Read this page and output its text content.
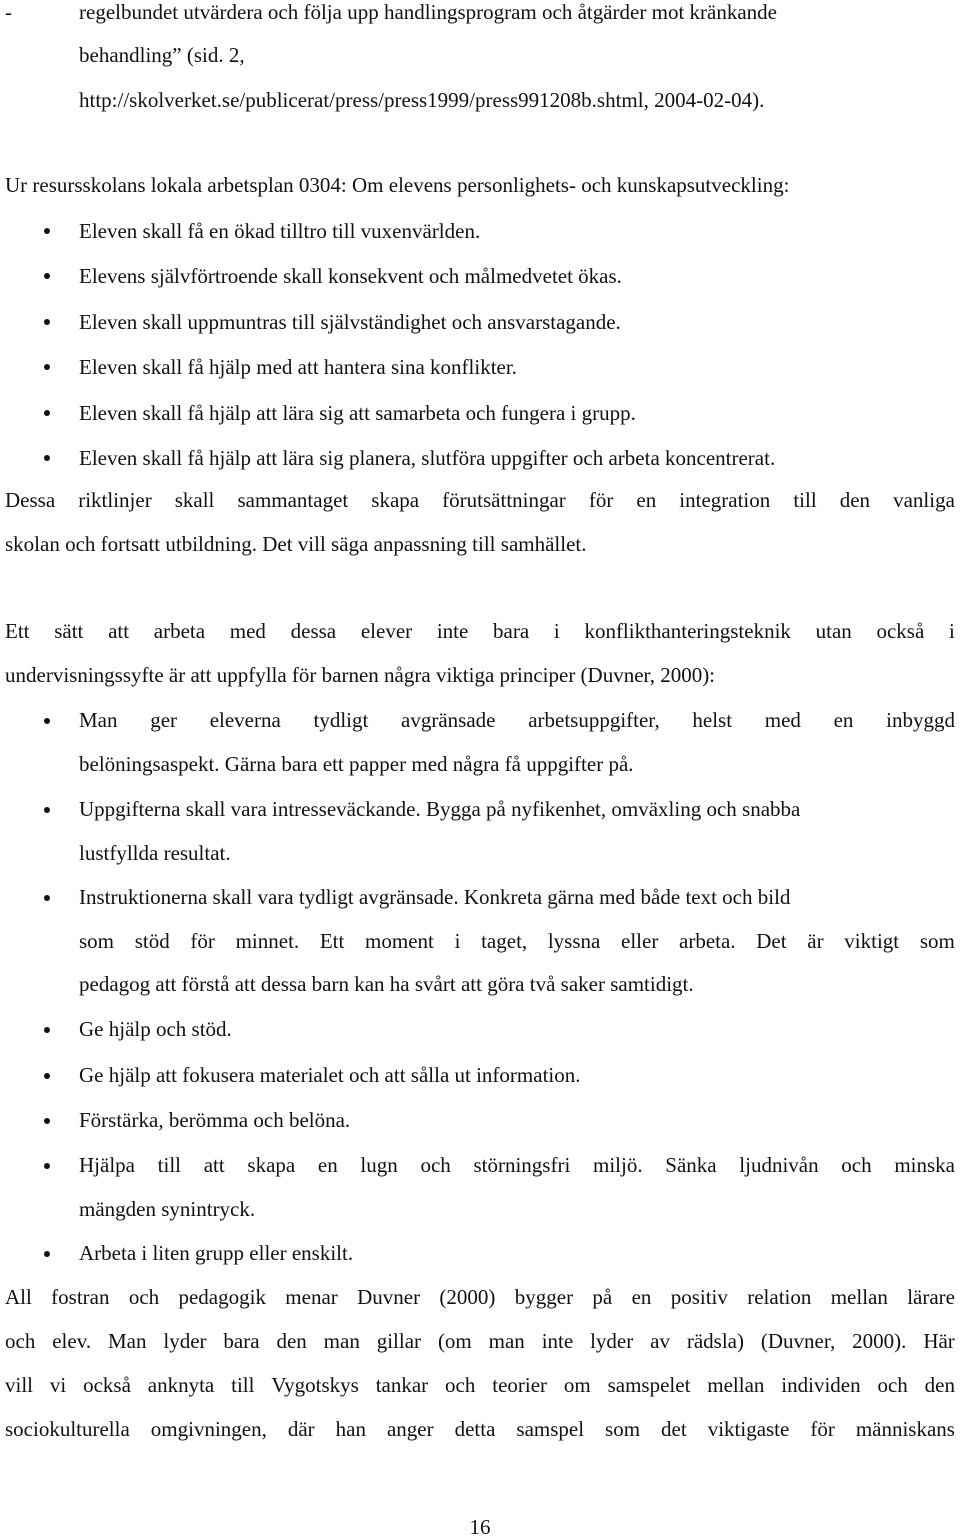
-	regelbundet utvärdera och följa upp handlingsprogram och åtgärder mot kränkande
behandling” (sid. 2,
http://skolverket.se/publicerat/press/press1999/press991208b.shtml, 2004-02-04).
Ur resursskolans lokala arbetsplan 0304: Om elevens personlighets- och kunskapsutveckling:
Eleven skall få en ökad tilltro till vuxenvärlden.
Elevens självförtroende skall konsekvent och målmedvetet ökas.
Eleven skall uppmuntras till självständighet och ansvarstagande.
Eleven skall få hjälp med att hantera sina konflikter.
Eleven skall få hjälp att lära sig att samarbeta och fungera i grupp.
Eleven skall få hjälp att lära sig planera, slutföra uppgifter och arbeta koncentrerat.
Dessa riktlinjer skall sammantaget skapa förutsättningar för en integration till den vanliga
skolan och fortsatt utbildning. Det vill säga anpassning till samhället.
Ett sätt att arbeta med dessa elever inte bara i konflikthanteringsteknik utan också i
undervisningssyfte är att uppfylla för barnen några viktiga principer (Duvner, 2000):
Man ger eleverna tydligt avgränsade arbetsuppgifter, helst med en inbyggd
belöningsaspekt. Gärna bara ett papper med några få uppgifter på.
Uppgifterna skall vara intresseväckande. Bygga på nyfikenhet, omväxling och snabba
lustfyllda resultat.
Instruktionerna skall vara tydligt avgränsade. Konkreta gärna med både text och bild
som stöd för minnet. Ett moment i taget, lyssna eller arbeta. Det är viktigt som
pedagog att förstå att dessa barn kan ha svårt att göra två saker samtidigt.
Ge hjälp och stöd.
Ge hjälp att fokusera materialet och att sålla ut information.
Förstärka, berömma och belöna.
Hjälpa till att skapa en lugn och störningsfri miljö. Sänka ljudnivån och minska
mängden synintryck.
Arbeta i liten grupp eller enskilt.
All fostran och pedagogik menar Duvner (2000) bygger på en positiv relation mellan lärare
och elev. Man lyder bara den man gillar (om man inte lyder av rädsla) (Duvner, 2000). Här
vill vi också anknyta till Vygotskys tankar och teorier om samspelet mellan individen och den
sociokulturella omgivningen, där han anger detta samspel som det viktigaste för människans
16
